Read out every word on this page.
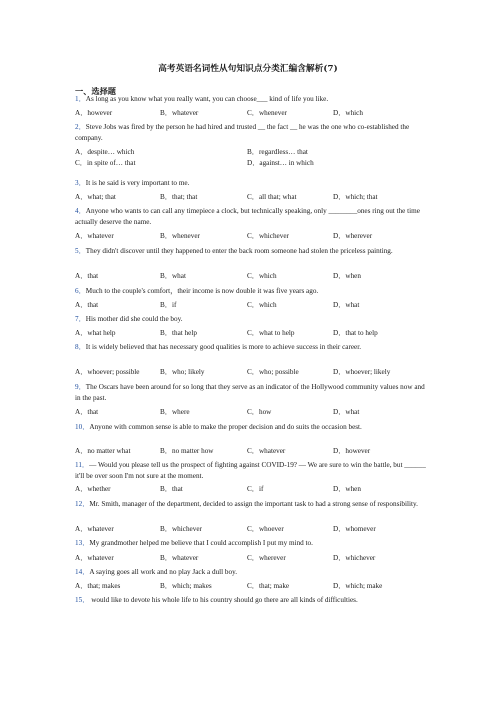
高考英语名词性从句知识点分类汇编含解析(7)
一、选择题
1．As long as you know what you really want, you can choose___ kind of life you like.
A．however	B．whatever	C．whenever	D．which
2．Steve Jobs was fired by the person he had hired and trusted __ the fact __ he was the one who co-established the company.
A．despite… which	B．regardless… that
C．in spite of… that	D．against… in which
3．It is he said is very important to me.
A．what; that	B．that; that	C．all that; what	D．which; that
4．Anyone who wants to can call any timepiece a clock, but technically speaking, only ________ones ring out the time actually deserve the name.
A．whatever	B．whenever	C．whichever	D．wherever
5．They didn't discover until they happened to enter the back room someone had stolen the priceless painting.
A．that	B．what	C．which	D．when
6．Much to the couple's comfort，their income is now double it was five years ago.
A．that	B．if	C．which	D．what
7．His mother did she could the boy.
A．what help	B．that help	C．what to help	D．that to help
8．It is widely believed that has necessary good qualities is more to achieve success in their career.
A．whoever; possible	B．who; likely	C．who; possible	D．whoever; likely
9．The Oscars have been around for so long that they serve as an indicator of the Hollywood community values now and in the past.
A．that	B．where	C．how	D．what
10．Anyone with common sense is able to make the proper decision and do suits the occasion best.
A．no matter what	B．no matter how	C．whatever	D．however
11．— Would you please tell us the prospect of fighting against COVID-19? — We are sure to win the battle, but ______ it'll be over soon I'm not sure at the moment.
A．whether	B．that	C．if	D．when
12．Mr. Smith, manager of the department, decided to assign the important task to had a strong sense of responsibility.
A．whatever	B．whichever	C．whoever	D．whomever
13．My grandmother helped me believe that I could accomplish I put my mind to.
A．whatever	B．whatever	C．wherever	D．whichever
14．A saying goes all work and no play Jack a dull boy.
A．that; makes	B．which; makes	C．that; make	D．which; make
15． would like to devote his whole life to his country should go there are all kinds of difficulties.
